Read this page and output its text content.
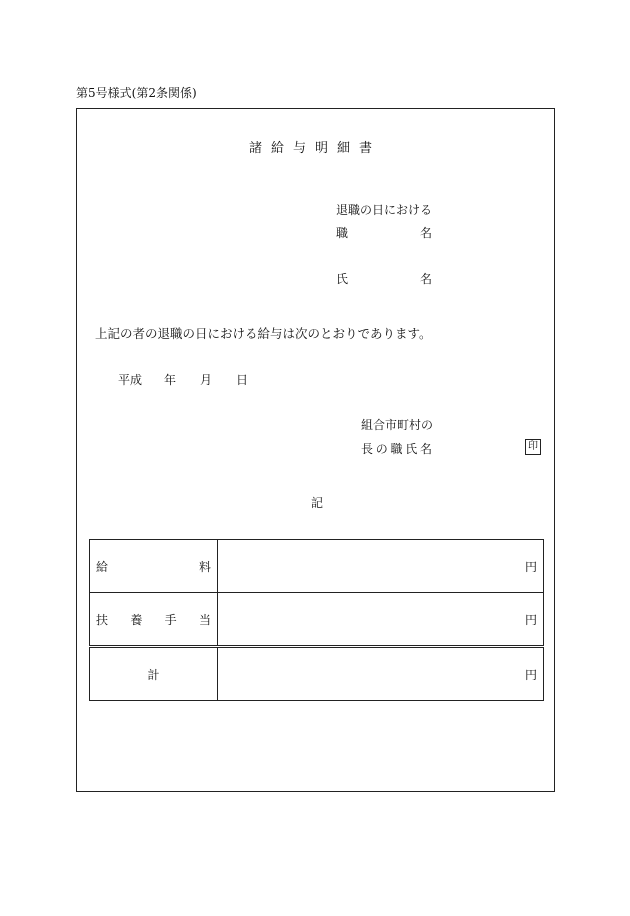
第5号様式(第2条関係)
諸給与明細書
退職の日における
職	名
氏	名
上記の者の退職の日における給与は次のとおりであります。
平成 年 月 日
組合市町村の
長 の 職 氏 名	印
記
給 料	円

扶 養 手 当	円
計	円
